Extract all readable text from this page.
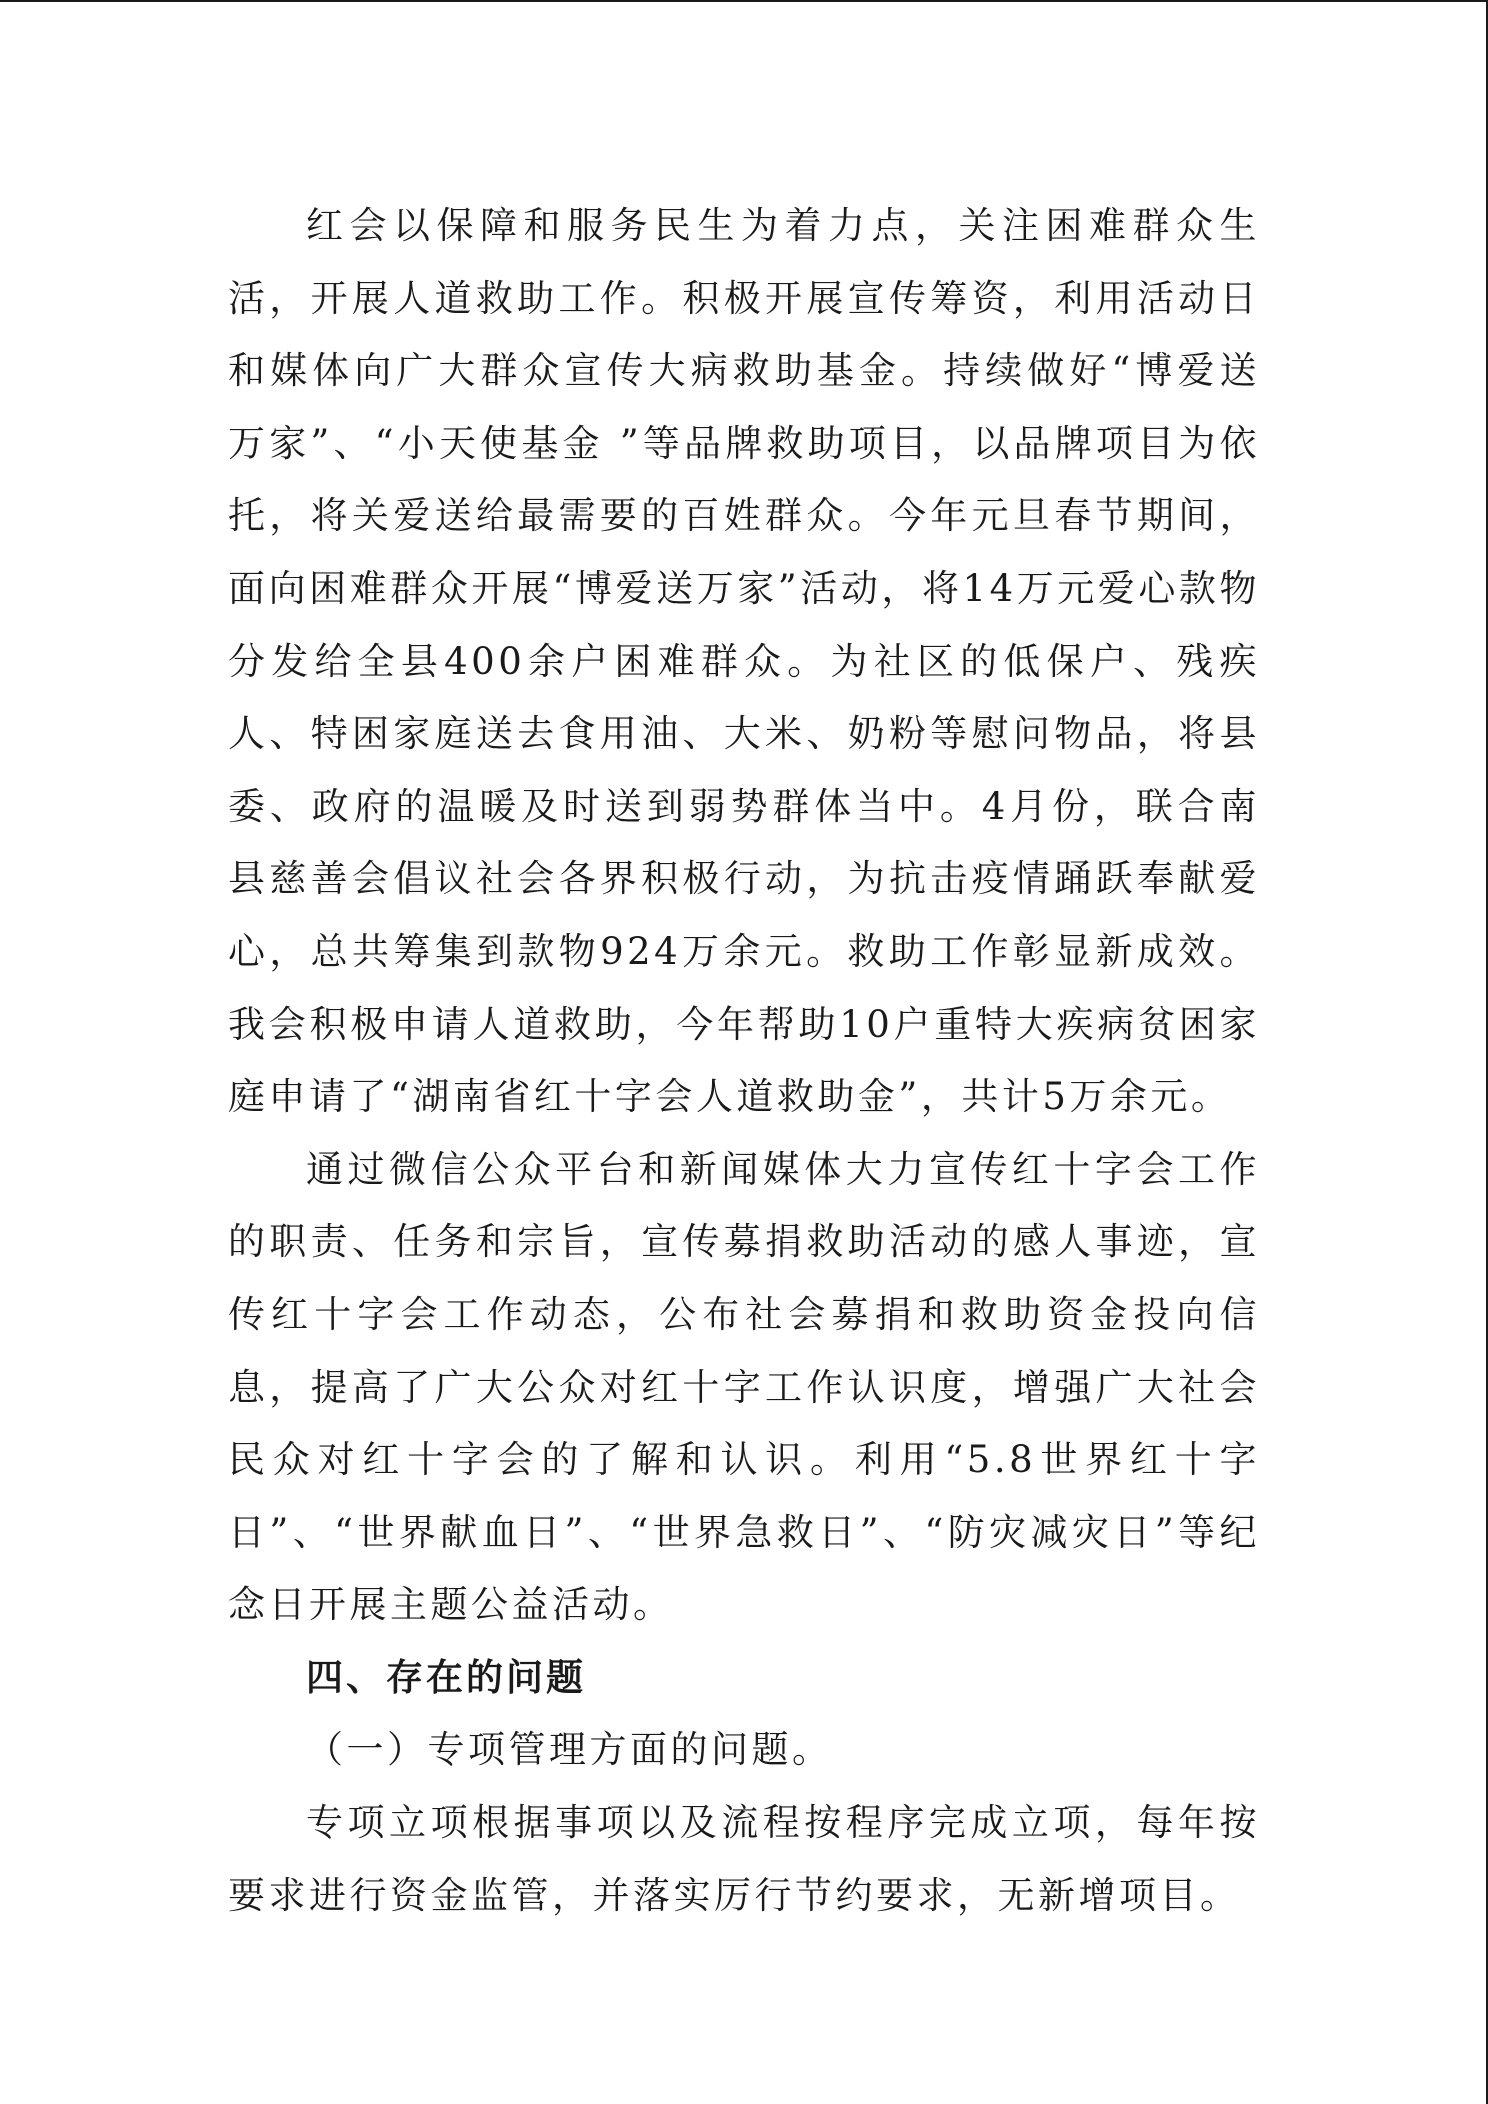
红会以保障和服务民生为着力点，关注困难群众生活，开展人道救助工作。积极开展宣传筹资，利用活动日和媒体向广大群众宣传大病救助基金。持续做好“博爱送万家”、“小天使基金 ”等品牌救助项目，以品牌项目为依托，将关爱送给最需要的百姓群众。今年元旦春节期间，面向困难群众开展“博爱送万家”活动，将14万元爱心款物分发给全县400余户困难群众。为社区的低保户、残疾人、特困家庭送去食用油、大米、奶粉等慰问物品，将县委、政府的温暖及时送到弱势群体当中。4月份，联合南县慈善会倡议社会各界积极行动，为抗击疫情踊跃奉献爱心，总共筹集到款物924万余元。救助工作彰显新成效。我会积极申请人道救助，今年帮助10户重特大疾病贫困家庭申请了“湖南省红十字会人道救助金”，共计5万余元。

通过微信公众平台和新闻媒体大力宣传红十字会工作的职责、任务和宗旨，宣传募捐救助活动的感人事迹，宣传红十字会工作动态，公布社会募捐和救助资金投向信息，提高了广大公众对红十字工作认识度，增强广大社会民众对红十字会的了解和认识。利用“5.8世界红十字日”、“世界献血日”、“世界急救日”、“防灾减灾日”等纪念日开展主题公益活动。

四、存在的问题

（一）专项管理方面的问题。

专项立项根据事项以及流程按程序完成立项，每年按要求进行资金监管，并落实厉行节约要求，无新增项目。
